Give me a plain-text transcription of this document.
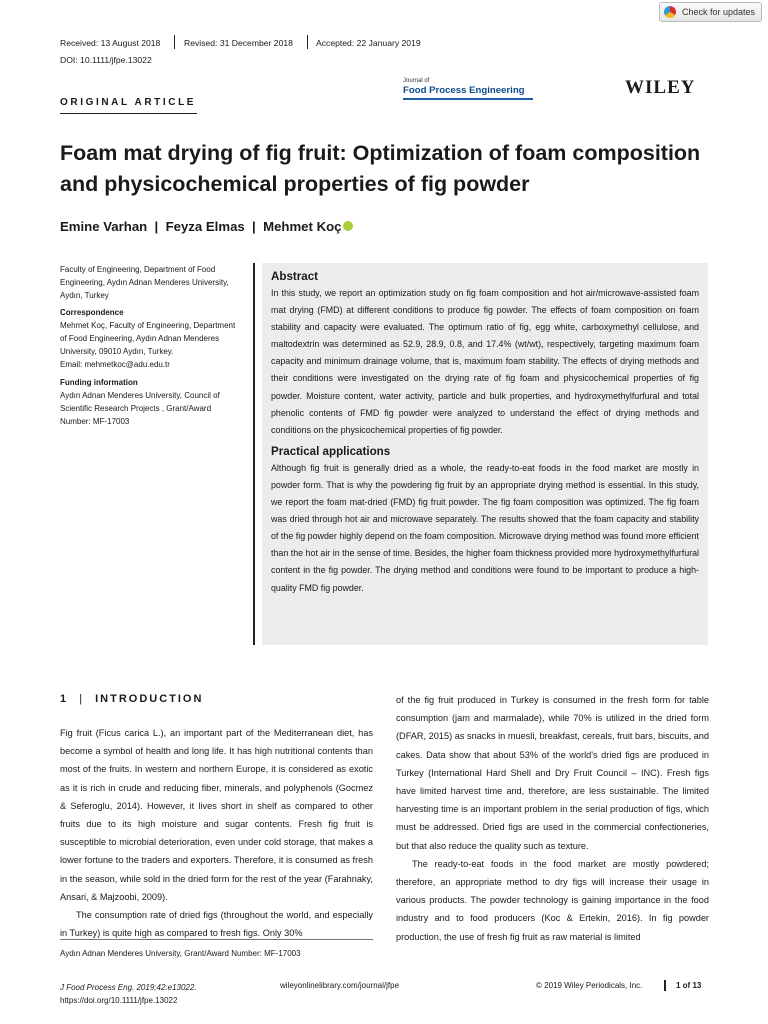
Check for updates
Received: 13 August 2018	Revised: 31 December 2018	Accepted: 22 January 2019
DOI: 10.1111/jfpe.13022
Journal of
Food Process Engineering	WILEY
ORIGINAL ARTICLE
Foam mat drying of fig fruit: Optimization of foam composition
and physicochemical properties of fig powder
Emine Varhan  |  Feyza Elmas  |  Mehmet Koç
Faculty of Engineering, Department of Food Engineering, Aydın Adnan Menderes University, Aydın, Turkey
Correspondence
Mehmet Koç, Faculty of Engineering, Department of Food Engineering, Aydın Adnan Menderes University, 09010 Aydın, Turkey.
Email: mehmetkoc@adu.edu.tr
Funding information
Aydın Adnan Menderes University, Council of Scientific Research Projects , Grant/Award Number: MF-17003
Abstract
In this study, we report an optimization study on fig foam composition and hot air/microwave-assisted foam mat drying (FMD) at different conditions to produce fig powder. The effects of foam composition on foam stability and capacity were evaluated. The optimum ratio of fig, egg white, carboxymethyl cellulose, and maltodextrin was determined as 52.9, 28.9, 0.8, and 17.4% (wt/wt), respectively, targeting maximum foam capacity and minimum drainage volume, that is, maximum foam stability. The effects of drying methods and their conditions were investigated on the drying rate of fig foam and physicochemical properties of fig powder. Moisture content, water activity, particle and bulk properties, and hydroxymethylfurfural and total phenolic contents of FMD fig powder were analyzed to understand the effect of drying methods and conditions on the physicochemical properties of fig powder.
Practical applications
Although fig fruit is generally dried as a whole, the ready-to-eat foods in the food market are mostly in powder form. That is why the powdering fig fruit by an appropriate drying method is essential. In this study, we report the foam mat-dried (FMD) fig fruit powder. The fig foam composition was optimized. The fig foam was dried through hot air and microwave separately. The results showed that the foam capacity and stability of the fig powder highly depend on the foam composition. Microwave drying method was found more efficient than the hot air in the sense of time. Besides, the higher foam thickness provided more hydroxymethylfurfural content in the fig powder. The drying method and conditions were found to be important to produce a high-quality FMD fig powder.
1 | INTRODUCTION

Fig fruit (Ficus carica L.), an important part of the Mediterranean diet, has become a symbol of health and long life. It has high nutritional contents than most of the fruits. In western and northern Europe, it is considered as exotic as it is rich in crude and reducing fiber, minerals, and polyphenols (Gocmez & Seferoglu, 2014). However, it lives short in shelf as compared to other fruits due to its high moisture and sugar contents. Fresh fig fruit is susceptible to microbial deterioration, even under cold storage, that makes a lower fortune to the traders and exporters. Therefore, it is consumed as fresh in the season, while sold in the dried form for the rest of the year (Farahnaky, Ansari, & Majzoobi, 2009).

The consumption rate of dried figs (throughout the world, and especially in Turkey) is quite high as compared to fresh figs. Only 30%

Aydın Adnan Menderes University, Grant/Award Number: MF-17003

of the fig fruit produced in Turkey is consumed in the fresh form for table consumption (jam and marmalade), while 70% is utilized in the dried form (DFAR, 2015) as snacks in muesli, breakfast, cereals, fruit bars, biscuits, and cakes. Data show that about 53% of the world's dried figs are produced in Turkey (International Hard Shell and Dry Fruit Council – INC). Fresh figs have limited harvest time and, therefore, are less sustainable. The limited harvesting time is an important problem in the serial production of figs, which must be addressed. Dried figs are used in the commercial confectioneries, but that also reduce the quality such as texture.

The ready-to-eat foods in the food market are mostly powdered; therefore, an appropriate method to dry figs will increase their usage in various products. The powder technology is gaining importance in the food industry and to food producers (Koc & Ertekin, 2016). In fig powder production, the use of fresh fig fruit as raw material is limited

J Food Process Eng. 2019;42:e13022.
https://doi.org/10.1111/jfpe.13022
wileyonlinelibrary.com/journal/jfpe	© 2019 Wiley Periodicals, Inc.	1 of 13
